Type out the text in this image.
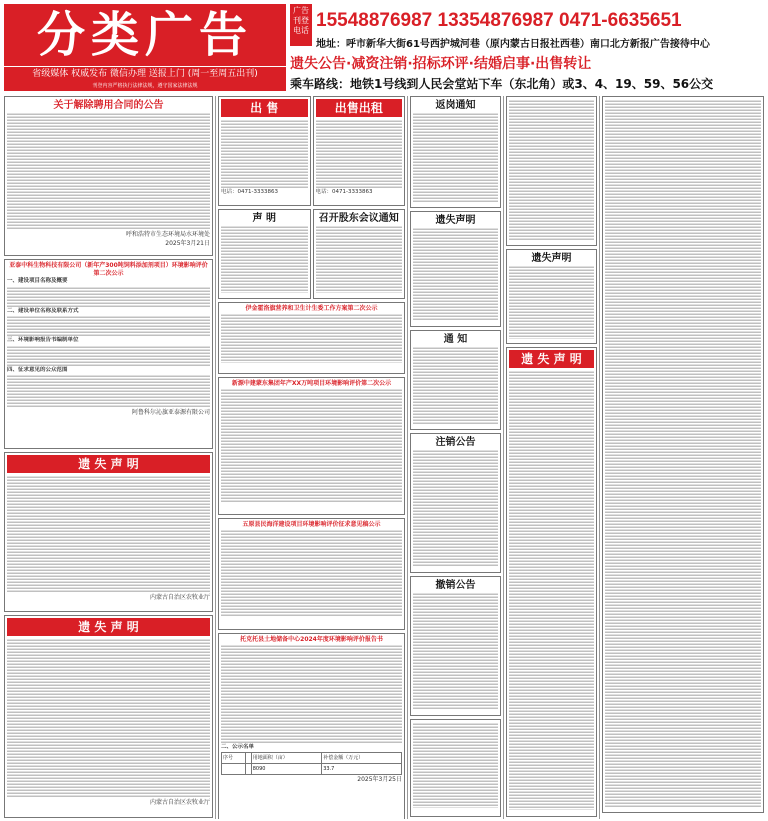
分类广告
省级媒体 权威发布 微信办理 送报上门 (周一至周五出刊)
刊登内容严格执行法律法规，遵守国家法律法规
广告刊登电话 15548876987 13354876987 0471-6635651
地址：呼市新华大街61号西护城河巷（原内蒙古日报社西巷）南口北方新报广告接待中心
遗失公告·减资注销·招标环评·结婚启事·出售转让
乘车路线：地铁1号线到人民会堂站下车（东北角）或3、4、19、59、56公交
关于解除聘用合同的公告
呼和浩特市生态环境局水环境处
2025年3月21日
亚泰中科生物科技有限公司（新年产300吨饲料添加剂项目）环境影响评价第二次公示
一、建设项目名称及概要
二、建设单位名称及联系方式
三、环境影响报告书编制单位
四、征求意见的公众范围
阿鲁科尔沁旗亚泰源有限公司
遗 失 声 明
内蒙古自治区农牧业厅
遗 失 声 明
内蒙古自治区农牧业厅
出 售
电话：0471-3333863
出售出租
电话：0471-3333863
声 明	召开股东会议通知
伊金霍洛旗营养和卫生计生委工作方案第二次公示
新源中建蒙东集团年产XX万吨项目环境影响评价第二次公示
五原县民海洋建设项目环境影响评价征求意见稿公示
托克托县土地储备中心2024年度环境影响评价报告书
二、公示名单
序号		用地面积（亩）	补偿金额（万元）
		8090	33.7
2025年3月25日
返岗通知
遗失声明
通 知
注销公告
撤销公告
遗失声明
遗 失 声 明
